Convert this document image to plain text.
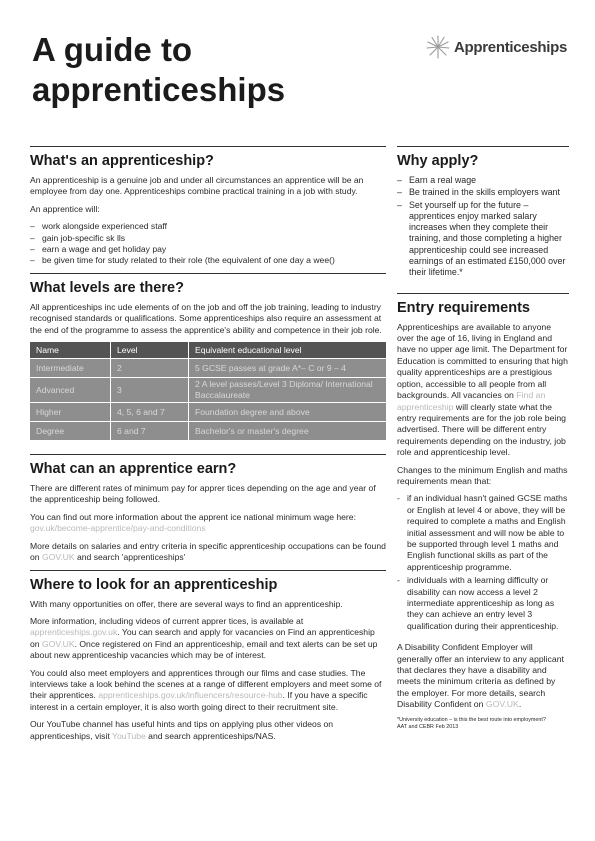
A guide to
apprenticeships
Apprenticeships
What's an apprenticeship?

An apprenticeship is a genuine job and under all circumstances an apprentice will be an employee from day one. Apprenticeships combine practical training in a job with study.

An apprentice will:

– work alongside experienced staff
– gain job-specific sk lls
– earn a wage and get holiday pay
– be given time for study related to their role (the equivalent of one day a wee()
What levels are there?

All apprenticeships inc ude elements of on the job and off the job training, leading to industry recognised standards or qualifications. Some apprenticeships also require an assessment at the end of the programme to assess the apprentice's ability and competence in their job role.

Name	Level	Equivalent educational level
Intermediate	2	5 GCSE passes at grade A*– C or 9 – 4
Advanced	3	2 A level passes/Level 3 Diploma/ International Baccalaureate
Higher	4, 5, 6 and 7	Foundation degree and above
Degree	6 and 7	Bachelor's or master's degree
What can an apprentice earn?

There are different rates of minimum pay for apprer tices depending on the age and year of the apprenticeship being followed.

You can find out more information about the apprent ice national minimum wage here: gov.uk/become-apprentice/pay-and-conditions

More details on salaries and entry criteria in specific apprenticeship occupations can be found on GOV.UK and search 'apprenticeships'

Where to look for an apprenticeship

With many opportunities on offer, there are several ways to find an apprenticeship.

More information, including videos of current apprer tices, is available at apprenticeships.gov.uk. You can search and apply for vacancies on Find an apprenticeship on GOV.UK. Once registered on Find an apprenticeship, email and text alerts can be set up about new apprenticeship vacancies which may be of interest.

You could also meet employers and apprentices through our films and case studies. The interviews take a look behind the scenes at a range of different employers and meet some of their apprentices. apprenticeships.gov.uk/influencers/resource-hub. If you have a specific interest in a certain employer, it is also worth going direct to their recruitment site.

Our YouTube channel has useful hints and tips on applying plus other videos on apprenticeships, visit YouTube and search apprenticeships/NAS.

Why apply?
– Earn a real wage
– Be trained in the skills employers want
– Set yourself up for the future – apprentices enjoy marked salary increases when they complete their training, and those completing a higher apprenticeship could see increased earnings of an estimated £150,000 over their lifetime.*
Entry requirements

Apprenticeships are available to anyone over the age of 16, living in England and have no upper age limit. The Department for Education is committed to ensuring that high quality apprenticeships are a prestigious option, accessible to all people from all backgrounds. All vacancies on Find an apprenticeship will clearly state what the entry requirements are for the job role being advertised. There will be different entry requirements depending on the industry, job role and apprenticeship level.

Changes to the minimum English and maths requirements mean that:

- if an individual hasn't gained GCSE maths or English at level 4 or above, they will be required to complete a maths and English initial assessment and will now be able to be supported through level 1 maths and English functional skills as part of the apprenticeship programme.
- individuals with a learning difficulty or disability can now access a level 2 intermediate apprenticeship as long as they can achieve an entry level 3 qualification during their apprenticeship.

A Disability Confident Employer will generally offer an interview to any applicant that declares they have a disability and meets the minimum criteria as defined by the employer. For more details, search Disability Confident on GOV.UK.

*University education – is this the best route into employment?
AAT and CEBR Feb 2013
